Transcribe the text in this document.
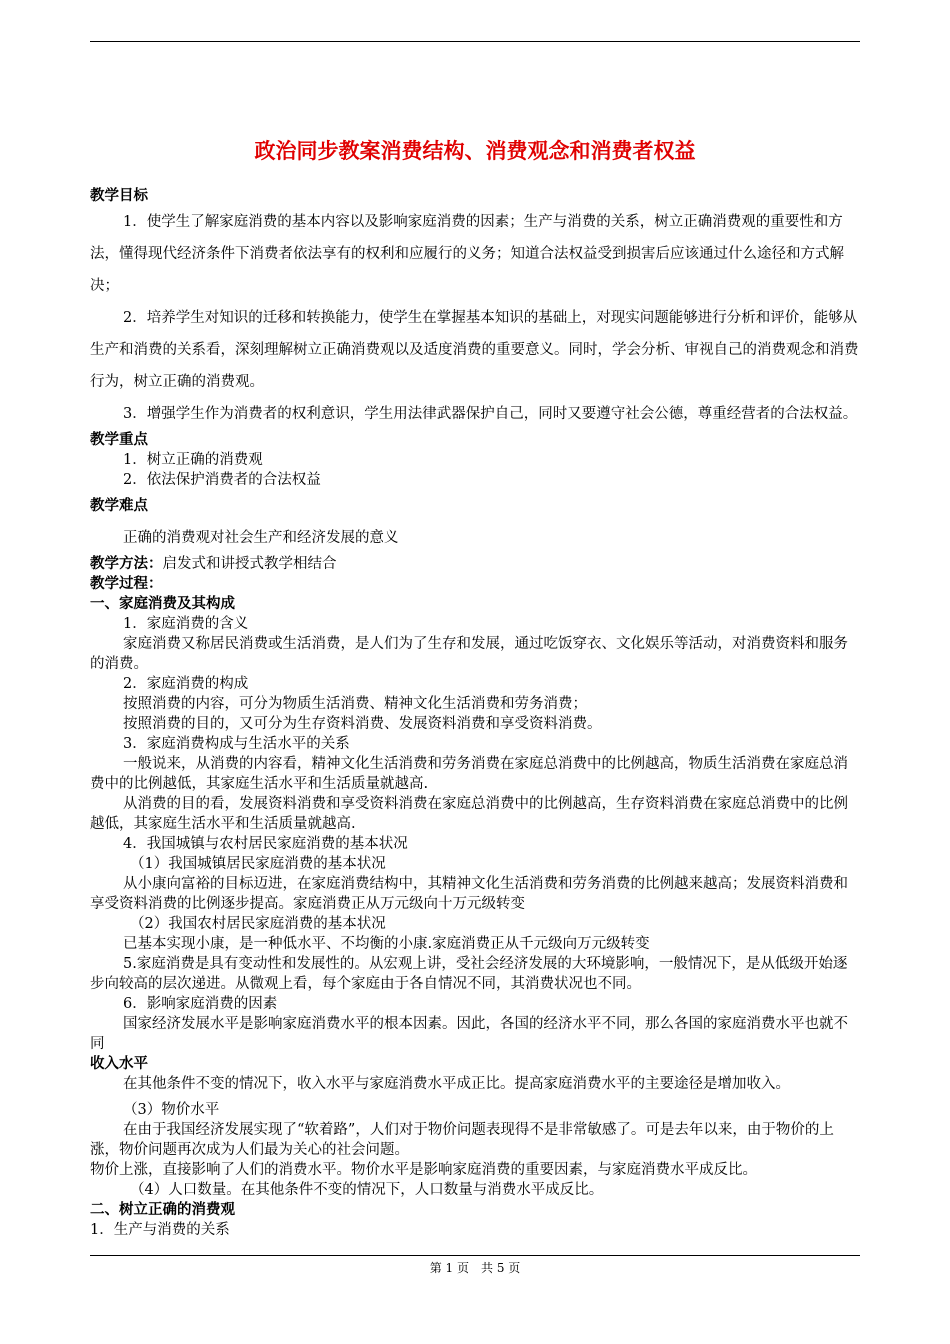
政治同步教案消费结构、消费观念和消费者权益

教学目标

1．使学生了解家庭消费的基本内容以及影响家庭消费的因素；生产与消费的关系，树立正确消费观的重要性和方法，懂得现代经济条件下消费者依法享有的权利和应履行的义务；知道合法权益受到损害后应该通过什么途径和方式解决；

2．培养学生对知识的迁移和转换能力，使学生在掌握基本知识的基础上，对现实问题能够进行分析和评价，能够从生产和消费的关系看，深刻理解树立正确消费观以及适度消费的重要意义。同时，学会分析、审视自己的消费观念和消费行为，树立正确的消费观。

3．增强学生作为消费者的权利意识，学生用法律武器保护自己，同时又要遵守社会公德，尊重经营者的合法权益。

教学重点

1．树立正确的消费观

2．依法保护消费者的合法权益

教学难点

正确的消费观对社会生产和经济发展的意义

教学方法：启发式和讲授式教学相结合

教学过程：

一、家庭消费及其构成

1．家庭消费的含义

家庭消费又称居民消费或生活消费，是人们为了生存和发展，通过吃饭穿衣、文化娱乐等活动，对消费资料和服务的消费。

2．家庭消费的构成

按照消费的内容，可分为物质生活消费、精神文化生活消费和劳务消费；

按照消费的目的，又可分为生存资料消费、发展资料消费和享受资料消费。

3．家庭消费构成与生活水平的关系

一般说来，从消费的内容看，精神文化生活消费和劳务消费在家庭总消费中的比例越高，物质生活消费在家庭总消费中的比例越低，其家庭生活水平和生活质量就越高.

从消费的目的看，发展资料消费和享受资料消费在家庭总消费中的比例越高，生存资料消费在家庭总消费中的比例越低，其家庭生活水平和生活质量就越高.

4．我国城镇与农村居民家庭消费的基本状况

（1）我国城镇居民家庭消费的基本状况

从小康向富裕的目标迈进，在家庭消费结构中，其精神文化生活消费和劳务消费的比例越来越高；发展资料消费和享受资料消费的比例逐步提高。家庭消费正从万元级向十万元级转变

（2）我国农村居民家庭消费的基本状况

已基本实现小康，是一种低水平、不均衡的小康.家庭消费正从千元级向万元级转变

5.家庭消费是具有变动性和发展性的。从宏观上讲，受社会经济发展的大环境影响，一般情况下，是从低级开始逐步向较高的层次递进。从微观上看，每个家庭由于各自情况不同，其消费状况也不同。

6．影响家庭消费的因素

国家经济发展水平是影响家庭消费水平的根本因素。因此，各国的经济水平不同，那么各国的家庭消费水平也就不同

收入水平

在其他条件不变的情况下，收入水平与家庭消费水平成正比。提高家庭消费水平的主要途径是增加收入。

（3）物价水平

在由于我国经济发展实现了“软着路”，人们对于物价问题表现得不是非常敏感了。可是去年以来，由于物价的上涨，物价问题再次成为人们最为关心的社会问题。

物价上涨，直接影响了人们的消费水平。物价水平是影响家庭消费的重要因素，与家庭消费水平成反比。

（4）人口数量。在其他条件不变的情况下，人口数量与消费水平成反比。

二、树立正确的消费观

1．生产与消费的关系

第 1 页　共 5 页
